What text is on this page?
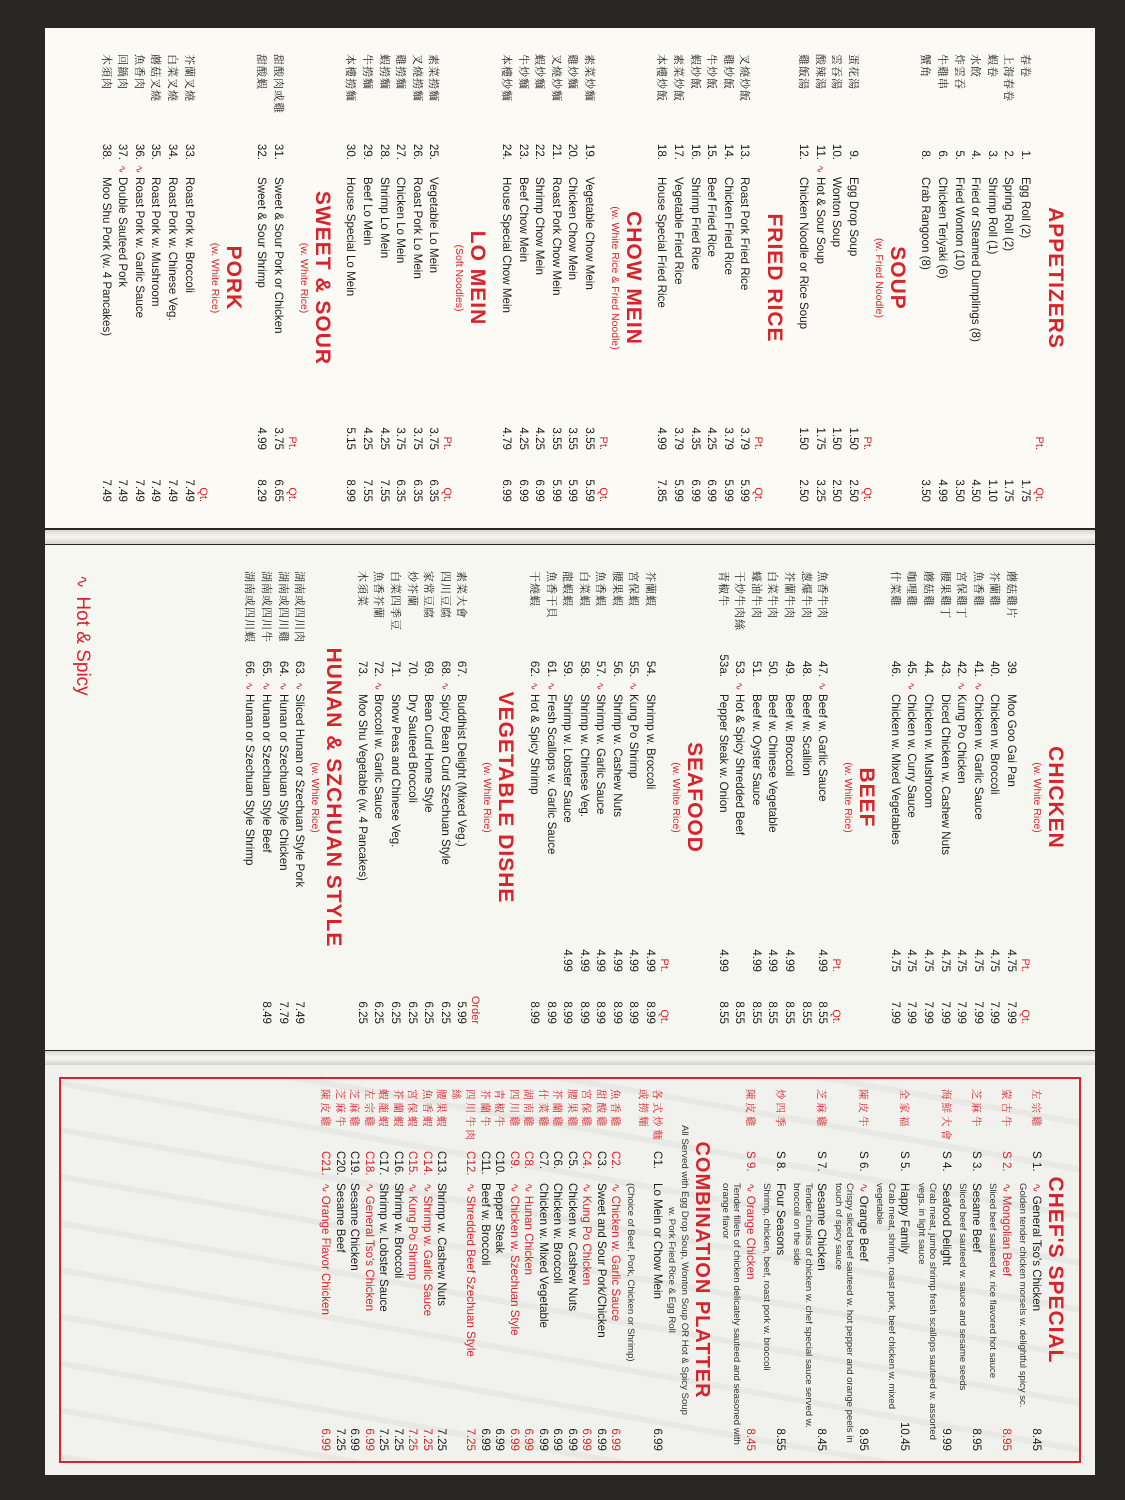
APPETIZERS
Pt.
Qt.
春卷
1.
Egg Roll (2)
1.75
上海春卷
2.
Spring Roll (2)
1.75
蝦卷
3.
Shrimp Roll (1)
1.10
水餃
4.
Fried or Steamed Dumplings (8)
4.50
炸雲吞
5.
Fried Wonton (10)
3.50
牛雞串
6.
Chicken Teriyaki (6)
4.99
蟹角
8.
Crab Rangoon (8)
3.50
SOUP
(w. Fried Noodle)
Pt.
Qt.
蛋花湯
9.
Egg Drop Soup
1.50
2.50
雲吞湯
10.
Wonton Soup
1.50
2.50
酸辣湯
11.
∿
Hot & Sour Soup
1.75
3.25
雞飯湯
12.
Chicken Noodle or Rice Soup
1.50
2.50
FRIED RICE
Pt.
Qt.
叉燒炒飯
13.
Roast Pork Fried Rice
3.79
5.99
雞炒飯
14.
Chicken Fried Rice
3.79
5.99
牛炒飯
15.
Beef Fried Rice
4.25
6.99
蝦炒飯
16.
Shrimp Fried Rice
4.35
6.99
素菜炒飯
17.
Vegetable Fried Rice
3.79
5.99
本樓炒飯
18.
House Special Fried Rice
4.99
7.85
CHOW MEIN
(w. White Rice & Fried Noodle)
Pt.
Qt.
素菜炒麵
19.
Vegetable Chow Mein
3.55
5.59
雞炒麵
20.
Chicken Chow Mein
3.55
5.99
叉燒炒麵
21.
Roast Pork Chow Mein
3.55
5.99
蝦炒麵
22.
Shrimp Chow Mein
4.25
6.99
牛炒麵
23.
Beef Chow Mein
4.25
6.99
本樓炒麵
24.
House Special Chow Mein
4.79
6.99
LO MEIN
(Soft Noodles)
Pt.
Qt.
素菜撈麵
25.
Vegetable Lo Mein
3.75
6.35
叉燒撈麵
26.
Roast Pork Lo Mein
3.75
6.35
雞撈麵
27.
Chicken Lo Mein
3.75
6.35
蝦撈麵
28.
Shrimp Lo Mein
4.25
7.55
牛撈麵
29.
Beef Lo Mein
4.25
7.55
本樓撈麵
30.
House Special Lo Mein
5.15
8.99
SWEET & SOUR
(w. White Rice)
Pt.
Qt.
甜酸肉或雞
31.
Sweet & Sour Pork or Chicken
3.75
6.65
甜酸蝦
32.
Sweet & Sour Shrimp
4.99
8.29
PORK
(w. White Rice)
Qt.
芥蘭叉燒
33.
Roast Pork w. Broccoli
7.49
白菜叉燒
34.
Roast Pork w. Chinese Veg.
7.49
蘑菇叉燒
35.
Roast Pork w. Mushroom
7.49
魚香肉
36.
∿
Roast Pork w. Garlic Sauce
7.49
回鍋肉
37.
∿
Double Sauteed Pork
7.49
木須肉
38.
Moo Shu Pork (w. 4 Pancakes)
7.49
CHICKEN
(w. White Rice)
Pt.
Qt.
蘑菇雞片
39.
Moo Goo Gai Pan
4.75
7.99
芥蘭雞
40.
Chicken w. Broccoli
4.75
7.99
魚香雞
41.
∿
Chicken w. Garlic Sauce
4.75
7.99
宮保雞丁
42.
∿
Kung Po Chicken
4.75
7.99
腰果雞丁
43.
Diced Chicken w. Cashew Nuts
4.75
7.99
蘑菇雞
44.
Chicken w. Mushroom
4.75
7.99
咖哩雞
45.
∿
Chicken w. Curry Sauce
4.75
7.99
什菜雞
46.
Chicken w. Mixed Vegetables
4.75
7.99
BEEF
(w. White Rice)
Pt.
Qt.
魚香牛肉
47.
∿
Beef w. Garlic Sauce
4.99
8.55
葱爆牛肉
48.
Beef w. Scallion
8.55
芥蘭牛肉
49.
Beef w. Broccoli
4.99
8.55
白菜牛肉
50.
Beef w. Chinese Vegetable
4.99
8.55
蠔油牛肉
51.
Beef w. Oyster Sauce
4.99
8.55
干炒牛肉絲
53.
∿
Hot & Spicy Shredded Beef
8.55
青椒牛
53a.
Pepper Steak w. Onion
4.99
8.55
SEAFOOD
(w. White Rice)
Pt.
Qt.
芥蘭蝦
54.
Shrimp w. Broccoli
4.99
8.99
宮保蝦
55.
∿
Kung Po Shrimp
4.99
8.99
腰果蝦
56.
Shrimp w. Cashew Nuts
4.99
8.99
魚香蝦
57.
∿
Shrimp w. Garlic Sauce
4.99
8.99
白菜蝦
58.
Shrimp w. Chinese Veg.
4.99
8.99
龍蝦蝦
59.
Shrimp w. Lobster Sauce
4.99
8.99
魚香干貝
61.
∿
Fresh Scallops w. Garlic Sauce
8.99
干燒蝦
62.
∿
Hot & Spicy Shrimp
8.99
VEGETABLE DISHE
(w. White Rice)
Order
素菜大會
67.
Buddhist Delight (Mixed Veg.)
5.99
四川豆腐
68.
∿
Spicy Bean Curd Szechuan Style
6.25
家常豆腐
69.
Bean Curd Home Style
6.25
炒芥蘭
70.
Dry Sauteed Broccoli
6.25
白菜四季豆
71.
Snow Peas and Chinese Veg.
6.25
魚香芥蘭
72.
∿
Broccoli w. Garlic Sauce
6.25
木須菜
73.
Moo Shu Vegetable (w. 4 Pancakes)
6.25
HUNAN & SZCHUAN STYLE
(w. White Rice)
湖南或四川肉
63.
∿
Sliced Hunan or Szechuan Style Pork
7.49
湖南或四川雞
64.
∿
Hunan or Szechuan Style Chicken
7.79
湖南或四川牛
65.
∿
Hunan or Szechuan Style Beef
8.49
湖南或四川蝦
66.
∿
Hunan or Szechuan Style Shrimp
∿Hot & Spicy
CHEF'S SPECIAL
左宗雞
S 1.
∿General Tso's Chicken
8.45
Golden tender chicken morsels w. delightful spicy sc.
蒙古牛
S 2.
∿Mongolian Beef
8.95
Sliced beef sauteed w. rice flavored hot sauce
芝麻牛
S 3.
Sesame Beef
8.95
Sliced beef sauteed w. sauce and sesame seeds
海鮮大會
S 4.
Seafood Delight
9.99
Crab meat, jumbo shrimp fresh scallops sauteed w. assorted vegs. in light sauce
全家福
S 5.
Happy Family
10.45
Crab meat, shrimp, roast pork, beef chicken w. mixed vegetable
陳皮牛
S 6.
∿Orange Beef
8.95
Crispy sliced beef sauteed w. hot pepper and orange peels in touch of spicy sauce
芝麻雞
S 7.
Sesame Chicken
8.45
Tender chunks of chicken w. chef special sauce served w. broccoli on the side
炒四季
S 8.
Four Seasons
8.55
Shrimp, chicken, beef, roast pork w. broccoli
陳皮雞
S 9.
∿Orange Chicken
8.45
Tender fillets of chicken delicately sauteed and seasoned with orange flavor
COMBINATION PLATTER
All Served with Egg Drop Soup, Wonton Soup OR Hot & Spicy Soup
w. Pork Fried Rice & Egg Roll
各式炒麵或撈麵
C1.
Lo Mein or Chow Mein
6.99
(Choice of Beef, Pork, Chicken or Shrimp)
魚香雞
C2.
∿Chicken w. Garlic Sauce
6.99
甜酸雞
C3.
Sweet and Sour Pork/Chicken
6.99
宮保雞
C4.
∿Kung Po Chicken
6.99
腰果雞
C5.
Chicken w. Cashew Nuts
6.99
芥蘭雞
C6.
Chicken w. Broccoli
6.99
什菜雞
C7.
Chicken w. Mixed Vegetable
6.99
湖南雞
C8.
∿Hunan Chicken
6.99
四川雞
C9.
∿Chicken w. Szechuan Style
6.99
青椒牛
C10.
Pepper Steak
6.99
芥蘭牛
C11.
Beef w. Broccoli
6.99
四川牛肉絲
C12.
∿Shredded Beef Szechuan Style
7.25
腰果蝦
C13.
Shrimp w. Cashew Nuts
7.25
魚香蝦
C14.
∿Shrimp w. Garlic Sauce
7.25
宮保蝦
C15.
∿Kung Po Shrimp
7.25
芥蘭蝦
C16.
Shrimp w. Broccoli
7.25
蝦龍蝦
C17.
Shrimp w. Lobster Sauce
7.25
左宗雞
C18.
∿General Tso's Chicken
6.99
芝麻雞
C19.
Sesame Chicken
6.99
芝麻牛
C20.
Sesame Beef
7.25
陳皮雞
C21.
∿Orange Flavor Chicken
6.99
